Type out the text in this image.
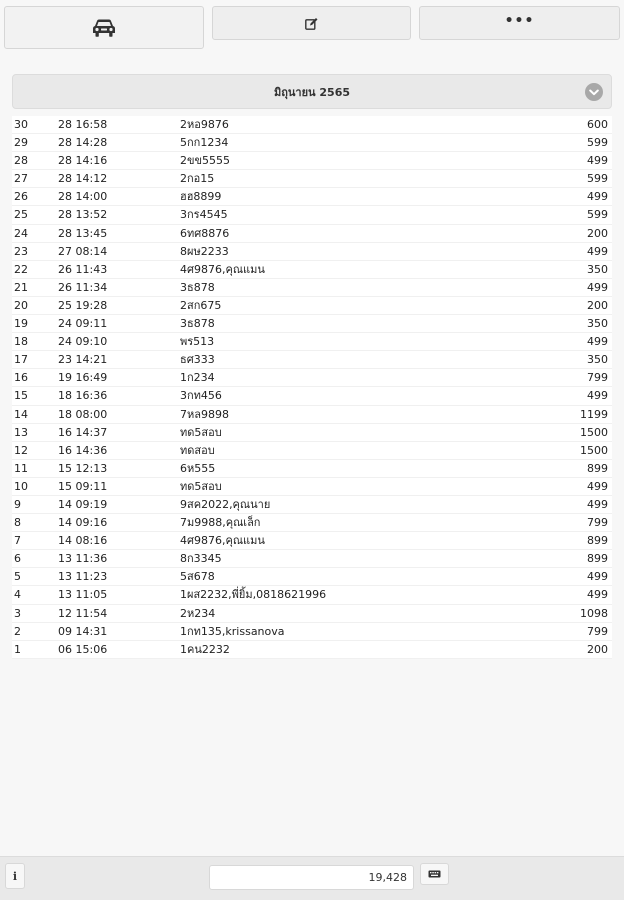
•••
มิถุนายน 2565
30	28 16:58	2หอ9876	600
29	28 14:28	5กก1234	599
28	28 14:16	2ขข5555	499
27	28 14:12	2กอ15	599
26	28 14:00	ฮฮ8899	499
25	28 13:52	3กร4545	599
24	28 13:45	6ทศ8876	200
23	27 08:14	8ผษ2233	499
22	26 11:43	4ศ9876,คุณแมน	350
21	26 11:34	3ธ878	499
20	25 19:28	2สก675	200
19	24 09:11	3ธ878	350
18	24 09:10	พร513	499
17	23 14:21	ธศ333	350
16	19 16:49	1ก234	799
15	18 16:36	3กท456	499
14	18 08:00	7หล9898	1199
13	16 14:37	ทด5สอบ	1500
12	16 14:36	ทดสอบ	1500
11	15 12:13	6ห555	899
10	15 09:11	ทด5สอบ	499
9	14 09:19	9สค2022,คุณนาย	499
8	14 09:16	7ม9988,คุณเล็ก	799
7	14 08:16	4ศ9876,คุณแมน	899
6	13 11:36	8ก3345	899
5	13 11:23	5ส678	499
4	13 11:05	1ผส2232,พี่ยิ้ม,0818621996	499
3	12 11:54	2ห234	1098
2	09 14:31	1กท135,krissanova	799
1	06 15:06	1คน2232	200
i	19,428
